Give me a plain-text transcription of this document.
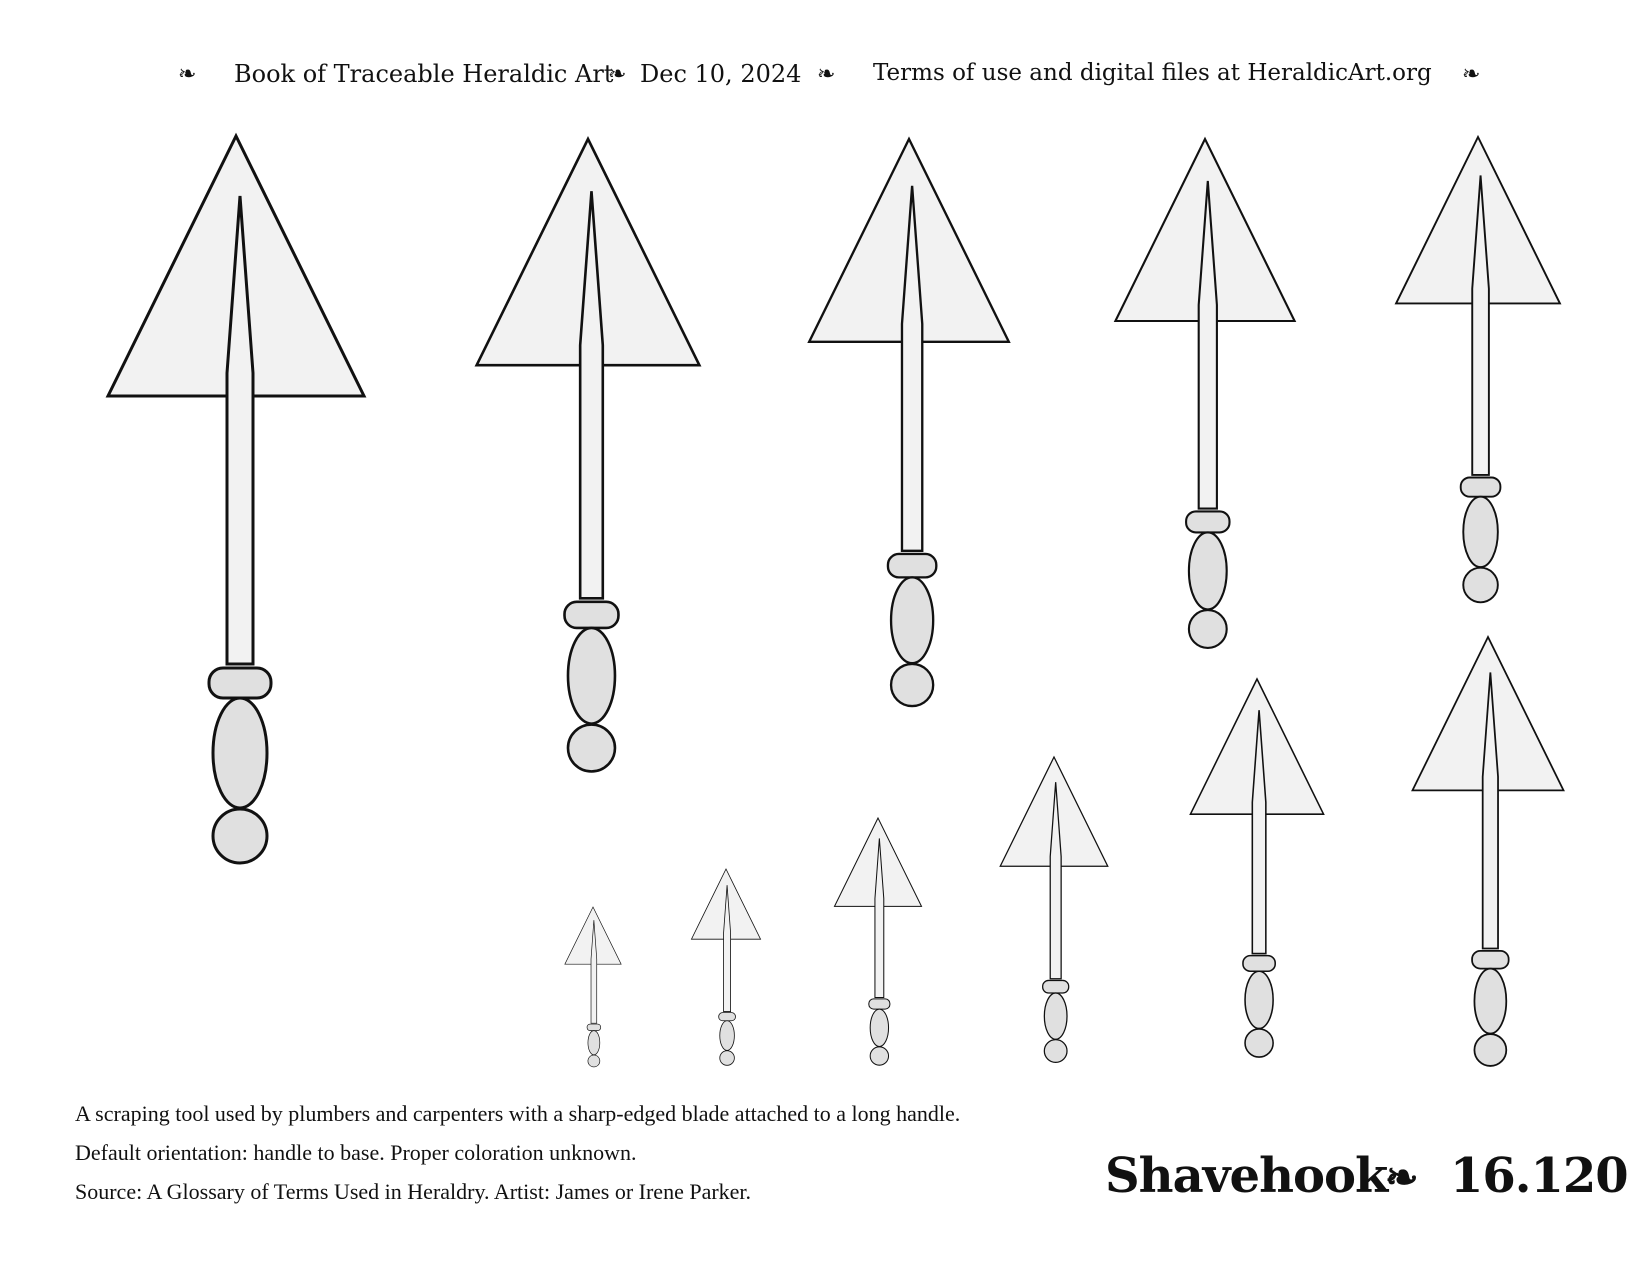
❧ Book of Traceable Heraldic Art
❧ Dec 10, 2024 ❧ Terms of use and digital files at HeraldicArt.org ❧
A scraping tool used by plumbers and carpenters with a sharp-edged blade attached to a long handle.
Default orientation: handle to base. Proper coloration unknown.
Source: A Glossary of Terms Used in Heraldry. Artist: James or Irene Parker.	Shavehook
❧ 16.120
